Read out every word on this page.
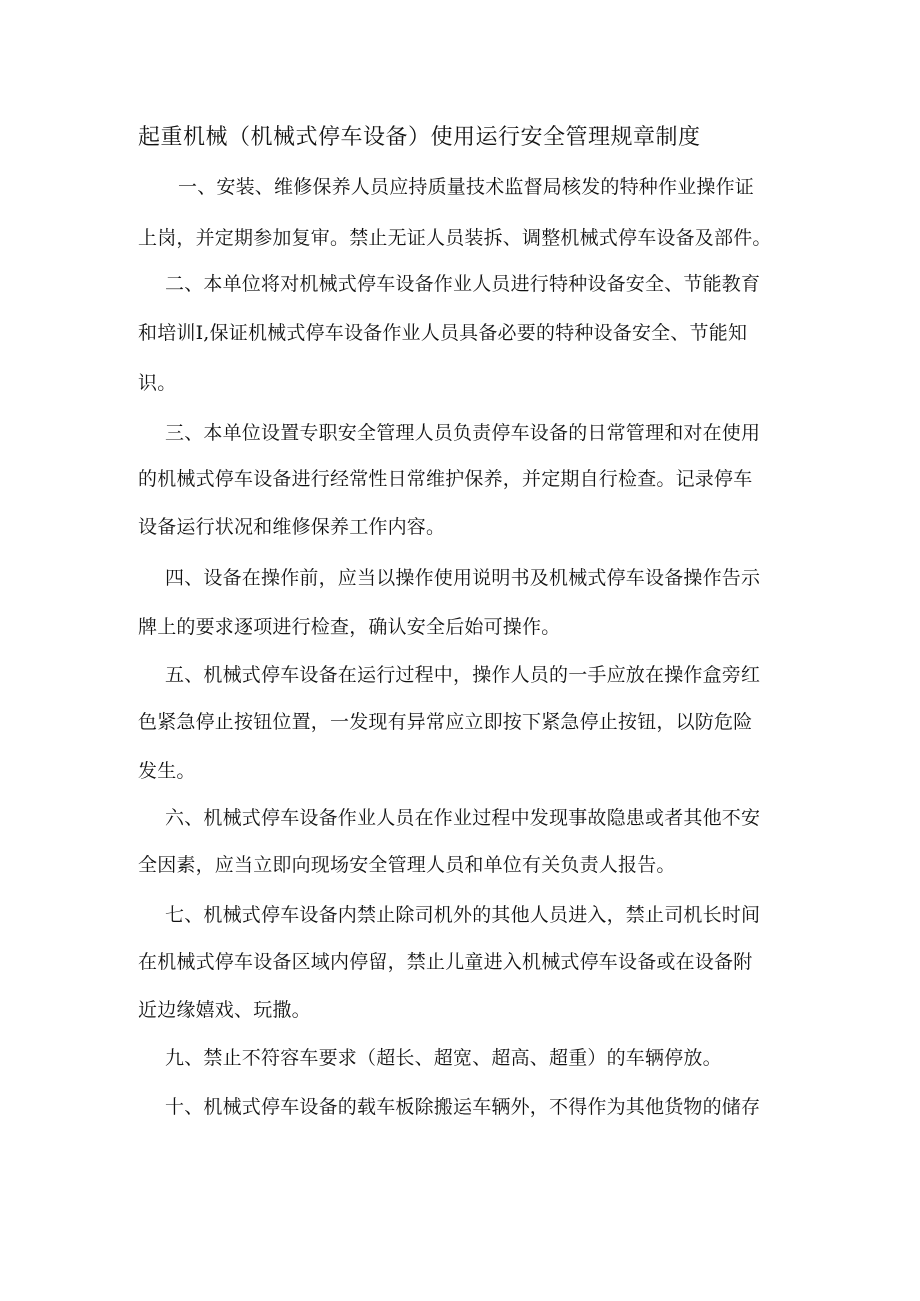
起重机械（机械式停车设备）使用运行安全管理规章制度
一、安装、维修保养人员应持质量技术监督局核发的特种作业操作证
上岗，并定期参加复审。禁止无证人员装拆、调整机械式停车设备及部件。
二、本单位将对机械式停车设备作业人员进行特种设备安全、节能教育
和培训I,保证机械式停车设备作业人员具备必要的特种设备安全、节能知
识。
三、本单位设置专职安全管理人员负责停车设备的日常管理和对在使用
的机械式停车设备进行经常性日常维护保养，并定期自行检查。记录停车
设备运行状况和维修保养工作内容。
四、设备在操作前，应当以操作使用说明书及机械式停车设备操作告示
牌上的要求逐项进行检查，确认安全后始可操作。
五、机械式停车设备在运行过程中，操作人员的一手应放在操作盒旁红
色紧急停止按钮位置，一发现有异常应立即按下紧急停止按钮，以防危险
发生。
六、机械式停车设备作业人员在作业过程中发现事故隐患或者其他不安
全因素，应当立即向现场安全管理人员和单位有关负责人报告。
七、机械式停车设备内禁止除司机外的其他人员进入，禁止司机长时间
在机械式停车设备区域内停留，禁止儿童进入机械式停车设备或在设备附
近边缘嬉戏、玩撒。
九、禁止不符容车要求（超长、超宽、超高、超重）的车辆停放。
十、机械式停车设备的载车板除搬运车辆外，不得作为其他货物的储存
